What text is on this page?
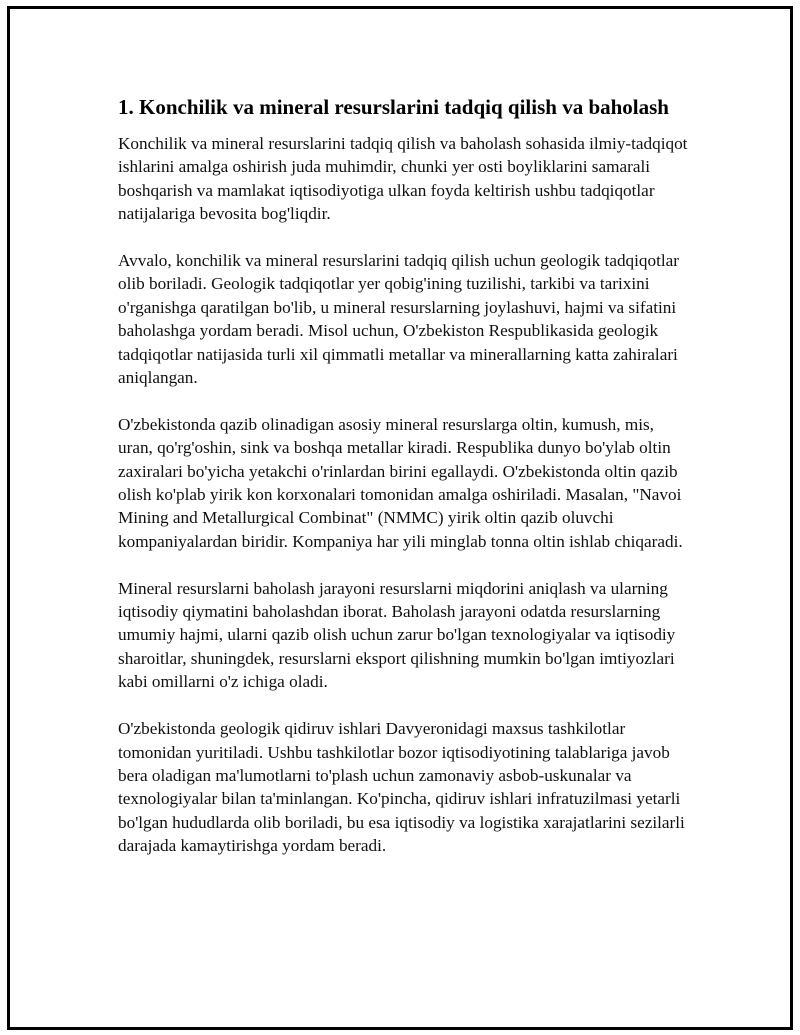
1. Konchilik va mineral resurslarini tadqiq qilish va baholash

Konchilik va mineral resurslarini tadqiq qilish va baholash sohasida ilmiy-tadqiqot ishlarini amalga oshirish juda muhimdir, chunki yer osti boyliklarini samarali boshqarish va mamlakat iqtisodiyotiga ulkan foyda keltirish ushbu tadqiqotlar natijalariga bevosita bog'liqdir.

Avvalo, konchilik va mineral resurslarini tadqiq qilish uchun geologik tadqiqotlar olib boriladi. Geologik tadqiqotlar yer qobig'ining tuzilishi, tarkibi va tarixini o'rganishga qaratilgan bo'lib, u mineral resurslarning joylashuvi, hajmi va sifatini baholashga yordam beradi. Misol uchun, O'zbekiston Respublikasida geologik tadqiqotlar natijasida turli xil qimmatli metallar va minerallarning katta zahiralari aniqlangan.

O'zbekistonda qazib olinadigan asosiy mineral resurslarga oltin, kumush, mis, uran, qo'rg'oshin, sink va boshqa metallar kiradi. Respublika dunyo bo'ylab oltin zaxiralari bo'yicha yetakchi o'rinlardan birini egallaydi. O'zbekistonda oltin qazib olish ko'plab yirik kon korxonalari tomonidan amalga oshiriladi. Masalan, "Navoi Mining and Metallurgical Combinat" (NMMC) yirik oltin qazib oluvchi kompaniyalardan biridir. Kompaniya har yili minglab tonna oltin ishlab chiqaradi.

Mineral resurslarni baholash jarayoni resurslarni miqdorini aniqlash va ularning iqtisodiy qiymatini baholashdan iborat. Baholash jarayoni odatda resurslarning umumiy hajmi, ularni qazib olish uchun zarur bo'lgan texnologiyalar va iqtisodiy sharoitlar, shuningdek, resurslarni eksport qilishning mumkin bo'lgan imtiyozlari kabi omillarni o'z ichiga oladi.

O'zbekistonda geologik qidiruv ishlari Davyeronidagi maxsus tashkilotlar tomonidan yuritiladi. Ushbu tashkilotlar bozor iqtisodiyotining talablariga javob bera oladigan ma'lumotlarni to'plash uchun zamonaviy asbob-uskunalar va texnologiyalar bilan ta'minlangan. Ko'pincha, qidiruv ishlari infratuzilmasi yetarli bo'lgan hududlarda olib boriladi, bu esa iqtisodiy va logistika xarajatlarini sezilarli darajada kamaytirishga yordam beradi.
